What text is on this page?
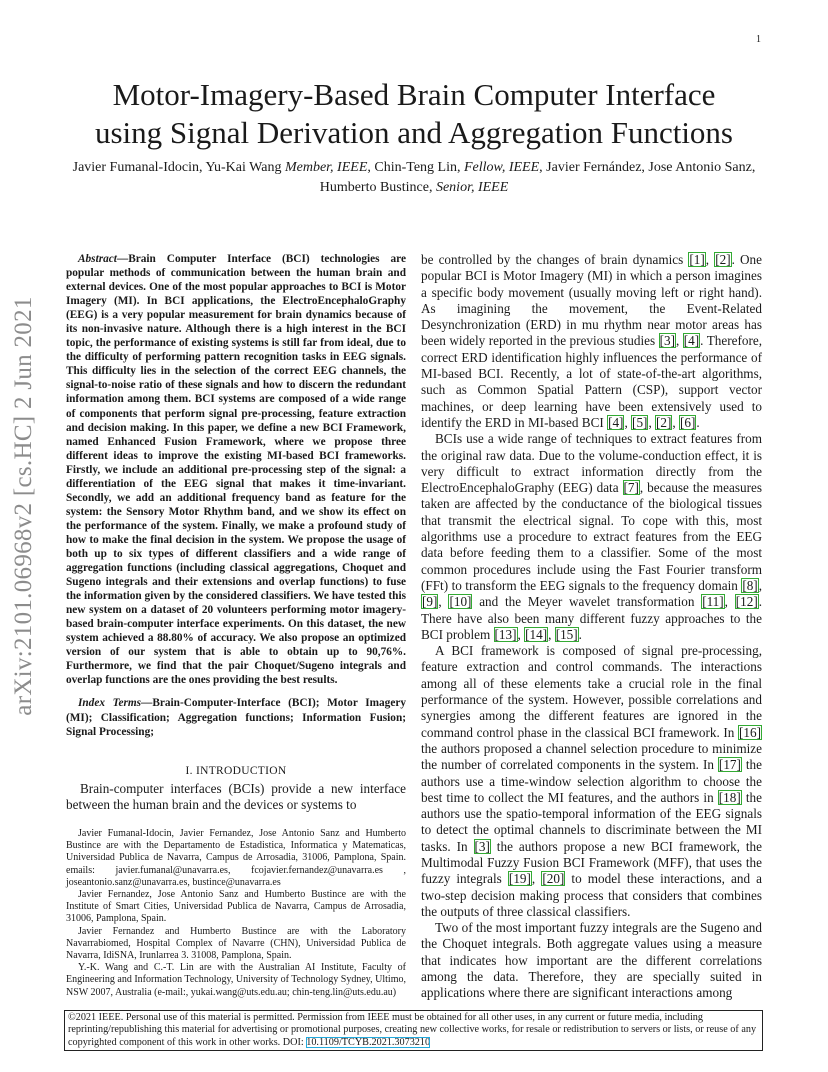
1
arXiv:2101.06968v2 [cs.HC] 2 Jun 2021
Motor-Imagery-Based Brain Computer Interface
using Signal Derivation and Aggregation Functions
Javier Fumanal-Idocin, Yu-Kai Wang Member, IEEE, Chin-Teng Lin, Fellow, IEEE, Javier Fernández, Jose Antonio Sanz, Humberto Bustince, Senior, IEEE

Abstract—Brain Computer Interface (BCI) technologies are popular methods of communication between the human brain and external devices. One of the most popular approaches to BCI is Motor Imagery (MI). In BCI applications, the ElectroEncephaloGraphy (EEG) is a very popular measurement for brain dynamics because of its non-invasive nature. Although there is a high interest in the BCI topic, the performance of existing systems is still far from ideal, due to the difficulty of performing pattern recognition tasks in EEG signals. This difficulty lies in the selection of the correct EEG channels, the signal-to-noise ratio of these signals and how to discern the redundant information among them. BCI systems are composed of a wide range of components that perform signal pre-processing, feature extraction and decision making. In this paper, we define a new BCI Framework, named Enhanced Fusion Framework, where we propose three different ideas to improve the existing MI-based BCI frameworks. Firstly, we include an additional pre-processing step of the signal: a differentiation of the EEG signal that makes it time-invariant. Secondly, we add an additional frequency band as feature for the system: the Sensory Motor Rhythm band, and we show its effect on the performance of the system. Finally, we make a profound study of how to make the final decision in the system. We propose the usage of both up to six types of different classifiers and a wide range of aggregation functions (including classical aggregations, Choquet and Sugeno integrals and their extensions and overlap functions) to fuse the information given by the considered classifiers. We have tested this new system on a dataset of 20 volunteers performing motor imagery-based brain-computer interface experiments. On this dataset, the new system achieved a 88.80% of accuracy. We also propose an optimized version of our system that is able to obtain up to 90,76%. Furthermore, we find that the pair Choquet/Sugeno integrals and overlap functions are the ones providing the best results.

Index Terms—Brain-Computer-Interface (BCI); Motor Imagery (MI); Classification; Aggregation functions; Information Fusion; Signal Processing;

I. INTRODUCTION

Brain-computer interfaces (BCIs) provide a new interface between the human brain and the devices or systems to

Javier Fumanal-Idocin, Javier Fernandez, Jose Antonio Sanz and Humberto Bustince are with the Departamento de Estadistica, Informatica y Matematicas, Universidad Publica de Navarra, Campus de Arrosadia, 31006, Pamplona, Spain. emails: javier.fumanal@unavarra.es, fcojavier.fernandez@unavarra.es , joseantonio.sanz@unavarra.es, bustince@unavarra.es

Javier Fernandez, Jose Antonio Sanz and Humberto Bustince are with the Institute of Smart Cities, Universidad Publica de Navarra, Campus de Arrosadia, 31006, Pamplona, Spain.

Javier Fernandez and Humberto Bustince are with the Laboratory Navarrabiomed, Hospital Complex of Navarre (CHN), Universidad Publica de Navarra, IdiSNA, Irunlarrea 3. 31008, Pamplona, Spain.

Y.-K. Wang and C.-T. Lin are with the Australian AI Institute, Faculty of Engineering and Information Technology, University of Technology Sydney, Ultimo, NSW 2007, Australia (e-mail:, yukai.wang@uts.edu.au; chin-teng.lin@uts.edu.au)

be controlled by the changes of brain dynamics [1], [2]. One popular BCI is Motor Imagery (MI) in which a person imagines a specific body movement (usually moving left or right hand). As imagining the movement, the Event-Related Desynchronization (ERD) in mu rhythm near motor areas has been widely reported in the previous studies [3], [4]. Therefore, correct ERD identification highly influences the performance of MI-based BCI. Recently, a lot of state-of-the-art algorithms, such as Common Spatial Pattern (CSP), support vector machines, or deep learning have been extensively used to identify the ERD in MI-based BCI [4], [5], [2], [6].

BCIs use a wide range of techniques to extract features from the original raw data. Due to the volume-conduction effect, it is very difficult to extract information directly from the ElectroEncephaloGraphy (EEG) data [7], because the measures taken are affected by the conductance of the biological tissues that transmit the electrical signal. To cope with this, most algorithms use a procedure to extract features from the EEG data before feeding them to a classifier. Some of the most common procedures include using the Fast Fourier transform (FFt) to transform the EEG signals to the frequency domain [8], [9], [10] and the Meyer wavelet transformation [11], [12]. There have also been many different fuzzy approaches to the BCI problem [13], [14], [15].

A BCI framework is composed of signal pre-processing, feature extraction and control commands. The interactions among all of these elements take a crucial role in the final performance of the system. However, possible correlations and synergies among the different features are ignored in the command control phase in the classical BCI framework. In [16] the authors proposed a channel selection procedure to minimize the number of correlated components in the system. In [17] the authors use a time-window selection algorithm to choose the best time to collect the MI features, and the authors in [18] the authors use the spatio-temporal information of the EEG signals to detect the optimal channels to discriminate between the MI tasks. In [3] the authors propose a new BCI framework, the Multimodal Fuzzy Fusion BCI Framework (MFF), that uses the fuzzy integrals [19], [20] to model these interactions, and a two-step decision making process that considers that combines the outputs of three classical classifiers.

Two of the most important fuzzy integrals are the Sugeno and the Choquet integrals. Both aggregate values using a measure that indicates how important are the different correlations among the data. Therefore, they are specially suited in applications where there are significant interactions among

©2021 IEEE. Personal use of this material is permitted. Permission from IEEE must be obtained for all other uses, in any current or future media, including reprinting/republishing this material for advertising or promotional purposes, creating new collective works, for resale or redistribution to servers or lists, or reuse of any copyrighted component of this work in other works. DOI: 10.1109/TCYB.2021.3073210
